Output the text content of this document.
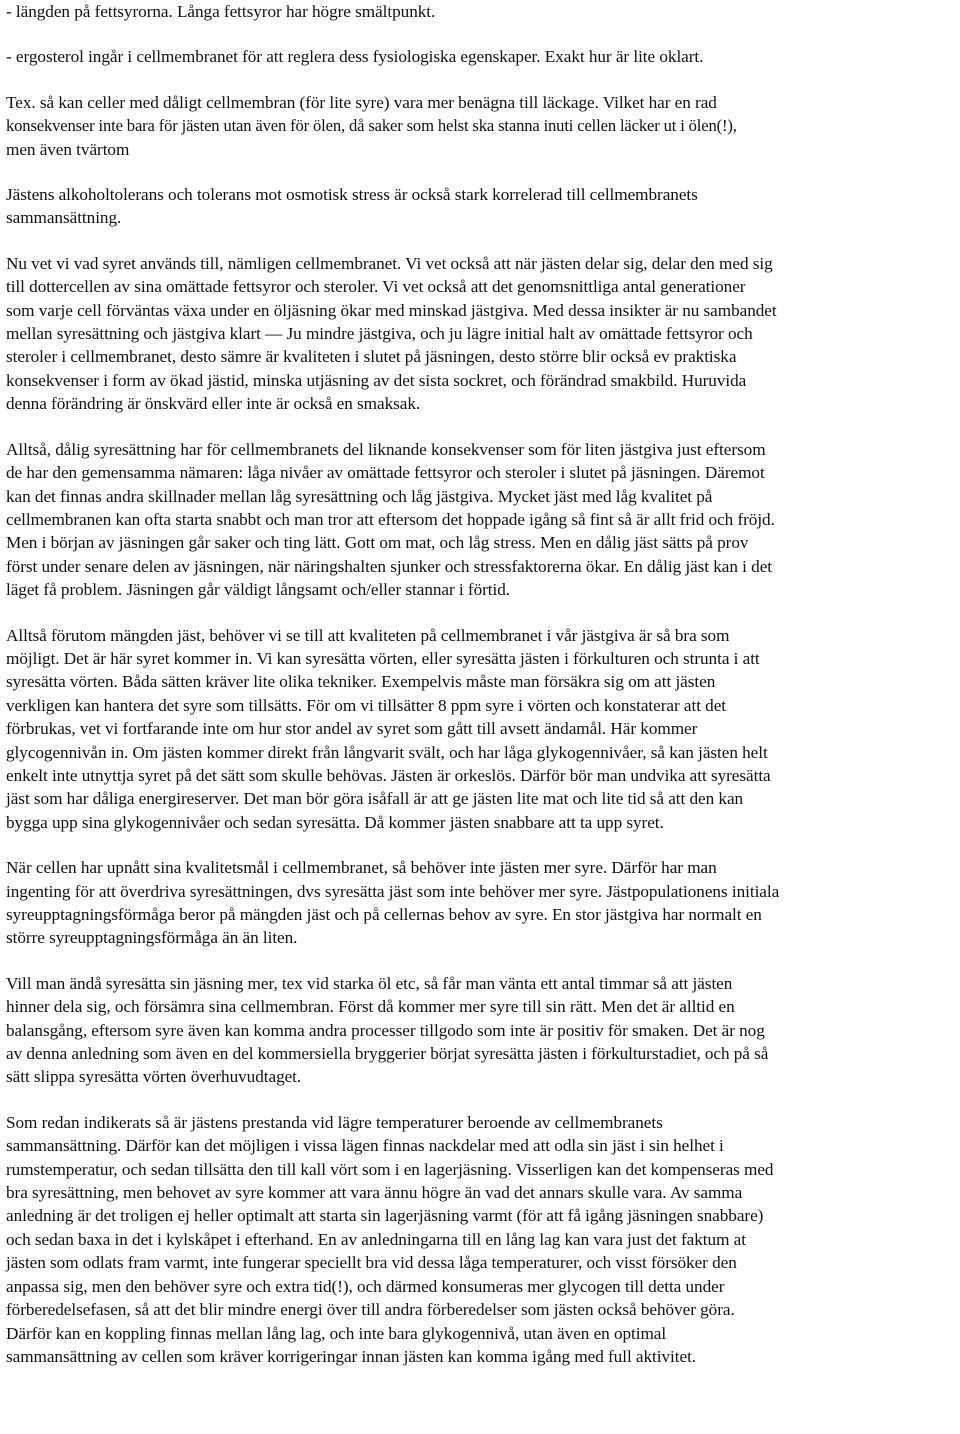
- längden på fettsyrorna. Långa fettsyror har högre smältpunkt.

- ergosterol ingår i cellmembranet för att reglera dess fysiologiska egenskaper. Exakt hur är lite oklart.

Tex. så kan celler med dåligt cellmembran (för lite syre) vara mer benägna till läckage. Vilket har en rad
konsekvenser inte bara för jästen utan även för ölen, då saker som helst ska stanna inuti cellen läcker ut i ölen(!),
men även tvärtom

Jästens alkoholtolerans och tolerans mot osmotisk stress är också stark korrelerad till cellmembranets
sammansättning.

Nu vet vi vad syret används till, nämligen cellmembranet. Vi vet också att när jästen delar sig, delar den med sig
till dottercellen av sina omättade fettsyror och steroler. Vi vet också att det genomsnittliga antal generationer
som varje cell förväntas växa under en öljäsning ökar med minskad jästgiva. Med dessa insikter är nu sambandet
mellan syresättning och jästgiva klart — Ju mindre jästgiva, och ju lägre initial halt av omättade fettsyror och
steroler i cellmembranet, desto sämre är kvaliteten i slutet på jäsningen, desto större blir också ev praktiska
konsekvenser i form av ökad jästid, minska utjäsning av det sista sockret, och förändrad smakbild. Huruvida
denna förändring är önskvärd eller inte är också en smaksak.

Alltså, dålig syresättning har för cellmembranets del liknande konsekvenser som för liten jästgiva just eftersom
de har den gemensamma nämaren: låga nivåer av omättade fettsyror och steroler i slutet på jäsningen. Däremot
kan det finnas andra skillnader mellan låg syresättning och låg jästgiva. Mycket jäst med låg kvalitet på
cellmembranen kan ofta starta snabbt och man tror att eftersom det hoppade igång så fint så är allt frid och fröjd.
Men i början av jäsningen går saker och ting lätt. Gott om mat, och låg stress. Men en dålig jäst sätts på prov
först under senare delen av jäsningen, när näringshalten sjunker och stressfaktorerna ökar. En dålig jäst kan i det
läget få problem. Jäsningen går väldigt långsamt och/eller stannar i förtid.

Alltså förutom mängden jäst, behöver vi se till att kvaliteten på cellmembranet i vår jästgiva är så bra som
möjligt. Det är här syret kommer in. Vi kan syresätta vörten, eller syresätta jästen i förkulturen och strunta i att
syresätta vörten. Båda sätten kräver lite olika tekniker. Exempelvis måste man försäkra sig om att jästen
verkligen kan hantera det syre som tillsätts. För om vi tillsätter 8 ppm syre i vörten och konstaterar att det
förbrukas, vet vi fortfarande inte om hur stor andel av syret som gått till avsett ändamål. Här kommer
glycogennivån in. Om jästen kommer direkt från långvarit svält, och har låga glykogennivåer, så kan jästen helt
enkelt inte utnyttja syret på det sätt som skulle behövas. Jästen är orkeslös. Därför bör man undvika att syresätta
jäst som har dåliga energireserver. Det man bör göra isåfall är att ge jästen lite mat och lite tid så att den kan
bygga upp sina glykogennivåer och sedan syresätta. Då kommer jästen snabbare att ta upp syret.

När cellen har upnått sina kvalitetsmål i cellmembranet, så behöver inte jästen mer syre. Därför har man
ingenting för att överdriva syresättningen, dvs syresätta jäst som inte behöver mer syre. Jästpopulationens initiala
syreupptagningsförmåga beror på mängden jäst och på cellernas behov av syre. En stor jästgiva har normalt en
större syreupptagningsförmåga än än liten.

Vill man ändå syresätta sin jäsning mer, tex vid starka öl etc, så får man vänta ett antal timmar så att jästen
hinner dela sig, och försämra sina cellmembran. Först då kommer mer syre till sin rätt. Men det är alltid en
balansgång, eftersom syre även kan komma andra processer tillgodo som inte är positiv för smaken. Det är nog
av denna anledning som även en del kommersiella bryggerier börjat syresätta jästen i förkulturstadiet, och på så
sätt slippa syresätta vörten överhuvudtaget.

Som redan indikerats så är jästens prestanda vid lägre temperaturer beroende av cellmembranets
sammansättning. Därför kan det möjligen i vissa lägen finnas nackdelar med att odla sin jäst i sin helhet i
rumstemperatur, och sedan tillsätta den till kall vört som i en lagerjäsning. Visserligen kan det kompenseras med
bra syresättning, men behovet av syre kommer att vara ännu högre än vad det annars skulle vara. Av samma
anledning är det troligen ej heller optimalt att starta sin lagerjäsning varmt (för att få igång jäsningen snabbare)
och sedan baxa in det i kylskåpet i efterhand. En av anledningarna till en lång lag kan vara just det faktum at
jästen som odlats fram varmt, inte fungerar speciellt bra vid dessa låga temperaturer, och visst försöker den
anpassa sig, men den behöver syre och extra tid(!), och därmed konsumeras mer glycogen till detta under
förberedelsefasen, så att det blir mindre energi över till andra förberedelser som jästen också behöver göra.
Därför kan en koppling finnas mellan lång lag, och inte bara glykogennivå, utan även en optimal
sammansättning av cellen som kräver korrigeringar innan jästen kan komma igång med full aktivitet.
